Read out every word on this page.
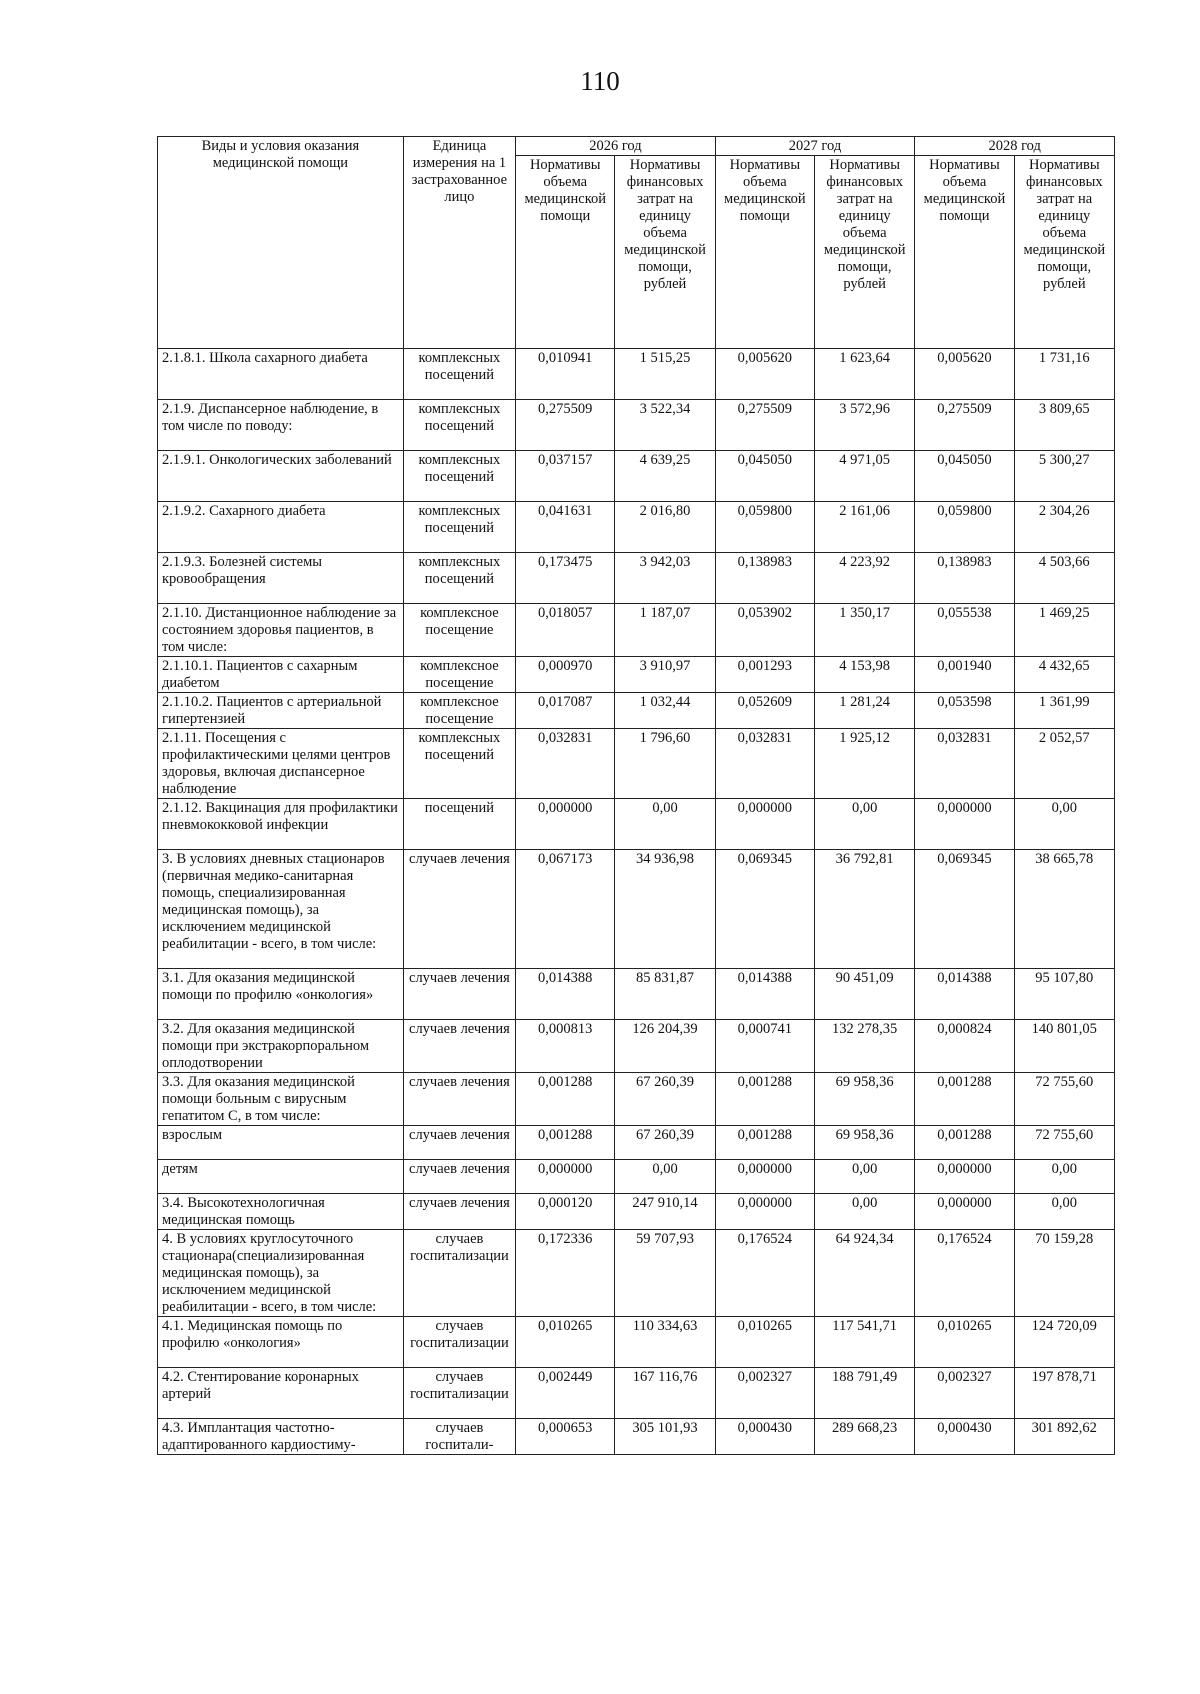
110
Виды и условия оказания медицинской помощи	Единица измерения на 1 застрахованное лицо	2026 год		2027 год		2028 год	
		Нормативы объема медицинской помощи	Нормативы финансовых затрат на единицу объема медицинской помощи, рублей	Нормативы объема медицинской помощи	Нормативы финансовых затрат на единицу объема медицинской помощи, рублей	Нормативы объема медицинской помощи	Нормативы финансовых затрат на единицу объема медицинской помощи, рублей
2.1.8.1. Школа сахарного диабета	комплексных посещений	0,010941	1 515,25	0,005620	1 623,64	0,005620	1 731,16
2.1.9. Диспансерное наблюдение, в том числе по поводу:	комплексных посещений	0,275509	3 522,34	0,275509	3 572,96	0,275509	3 809,65
2.1.9.1. Онкологических заболеваний	комплексных посещений	0,037157	4 639,25	0,045050	4 971,05	0,045050	5 300,27
2.1.9.2. Сахарного диабета	комплексных посещений	0,041631	2 016,80	0,059800	2 161,06	0,059800	2 304,26
2.1.9.3. Болезней системы кровообращения	комплексных посещений	0,173475	3 942,03	0,138983	4 223,92	0,138983	4 503,66
2.1.10. Дистанционное наблюдение за состоянием здоровья пациентов, в том числе:	комплексное посещение	0,018057	1 187,07	0,053902	1 350,17	0,055538	1 469,25
2.1.10.1. Пациентов с сахарным диабетом	комплексное посещение	0,000970	3 910,97	0,001293	4 153,98	0,001940	4 432,65
2.1.10.2. Пациентов с артериальной гипертензией	комплексное посещение	0,017087	1 032,44	0,052609	1 281,24	0,053598	1 361,99
2.1.11. Посещения с профилактическими целями центров здоровья, включая диспансерное наблюдение	комплексных посещений	0,032831	1 796,60	0,032831	1 925,12	0,032831	2 052,57
2.1.12. Вакцинация для профилактики пневмококковой инфекции	посещений	0,000000	0,00	0,000000	0,00	0,000000	0,00
3. В условиях дневных стационаров (первичная медико-санитарная помощь, специализированная медицинская помощь), за исключением медицинской реабилитации - всего, в том числе:	случаев лечения	0,067173	34 936,98	0,069345	36 792,81	0,069345	38 665,78
3.1. Для оказания медицинской помощи по профилю «онкология»	случаев лечения	0,014388	85 831,87	0,014388	90 451,09	0,014388	95 107,80
3.2. Для оказания медицинской помощи при экстракорпоральном оплодотворении	случаев лечения	0,000813	126 204,39	0,000741	132 278,35	0,000824	140 801,05
3.3. Для оказания медицинской помощи больным с вирусным гепатитом С, в том числе:	случаев лечения	0,001288	67 260,39	0,001288	69 958,36	0,001288	72 755,60
взрослым	случаев лечения	0,001288	67 260,39	0,001288	69 958,36	0,001288	72 755,60
детям	случаев лечения	0,000000	0,00	0,000000	0,00	0,000000	0,00
3.4. Высокотехнологичная медицинская помощь	случаев лечения	0,000120	247 910,14	0,000000	0,00	0,000000	0,00
4. В условиях круглосуточного стационара(специализированная медицинская помощь), за исключением медицинской реабилитации - всего, в том числе:	случаев госпитализации	0,172336	59 707,93	0,176524	64 924,34	0,176524	70 159,28
4.1. Медицинская помощь по профилю «онкология»	случаев госпитализации	0,010265	110 334,63	0,010265	117 541,71	0,010265	124 720,09
4.2. Стентирование коронарных артерий	случаев госпитализации	0,002449	167 116,76	0,002327	188 791,49	0,002327	197 878,71
4.3. Имплантация частотно-адаптированного кардиостиму-	случаев госпитали-	0,000653	305 101,93	0,000430	289 668,23	0,000430	301 892,62
